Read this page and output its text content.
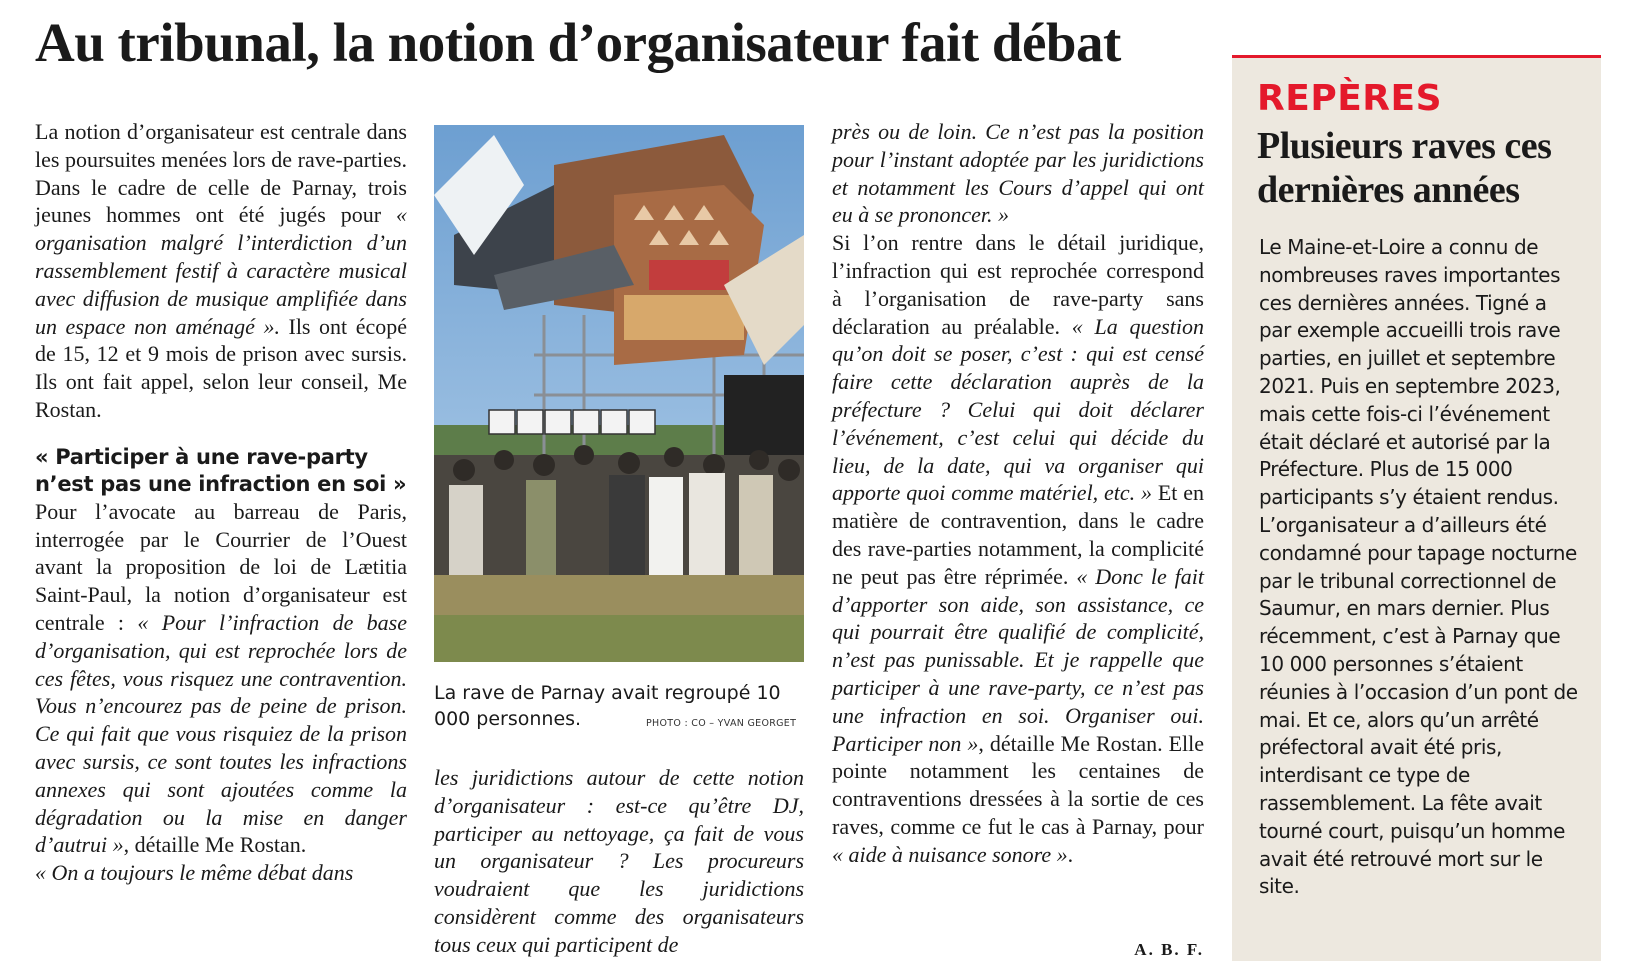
Au tribunal, la notion d’organisateur fait débat

La notion d’organisateur est centrale dans les poursuites menées lors de rave-parties. Dans le cadre de celle de Parnay, trois jeunes hommes ont été jugés pour « organisation malgré l’interdiction d’un rassemblement festif à caractère musical avec diffusion de musique amplifiée dans un espace non aménagé ». Ils ont écopé de 15, 12 et 9 mois de prison avec sursis. Ils ont fait appel, selon leur conseil, Me Rostan.

« Participer à une rave-party n’est pas une infraction en soi »

Pour l’avocate au barreau de Paris, interrogée par le Courrier de l’Ouest avant la proposition de loi de Lætitia Saint-Paul, la notion d’organisateur est centrale : « Pour l’infraction de base d’organisation, qui est reprochée lors de ces fêtes, vous risquez une contravention. Vous n’encourez pas de peine de prison. Ce qui fait que vous risquiez de la prison avec sursis, ce sont toutes les infractions annexes qui sont ajoutées comme la dégradation ou la mise en danger d’autrui », détaille Me Rostan.

« On a toujours le même débat dans

La rave de Parnay avait regroupé 10 000 personnes.	PHOTO : CO – YVAN GEORGET

les juridictions autour de cette notion d’organisateur : est-ce qu’être DJ, participer au nettoyage, ça fait de vous un organisateur ? Les procureurs voudraient que les juridictions considèrent comme des organisateurs tous ceux qui participent de

près ou de loin. Ce n’est pas la position pour l’instant adoptée par les juridictions et notamment les Cours d’appel qui ont eu à se prononcer. »

Si l’on rentre dans le détail juridique, l’infraction qui est reprochée correspond à l’organisation de rave-party sans déclaration au préalable. « La question qu’on doit se poser, c’est : qui est censé faire cette déclaration auprès de la préfecture ? Celui qui doit déclarer l’événement, c’est celui qui décide du lieu, de la date, qui va organiser qui apporte quoi comme matériel, etc. » Et en matière de contravention, dans le cadre des rave-parties notamment, la complicité ne peut pas être réprimée. « Donc le fait d’apporter son aide, son assistance, ce qui pourrait être qualifié de complicité, n’est pas punissable. Et je rappelle que participer à une rave-party, ce n’est pas une infraction en soi. Organiser oui. Participer non », détaille Me Rostan. Elle pointe notamment les centaines de contraventions dressées à la sortie de ces raves, comme ce fut le cas à Parnay, pour « aide à nuisance sonore ».

A. B. F.
REPÈRES
Plusieurs raves ces dernières années

Le Maine-et-Loire a connu de nombreuses raves importantes ces dernières années. Tigné a par exemple accueilli trois rave parties, en juillet et septembre 2021. Puis en septembre 2023, mais cette fois-ci l’événement était déclaré et autorisé par la Préfecture. Plus de 15 000 participants s’y étaient rendus. L’organisateur a d’ailleurs été condamné pour tapage nocturne par le tribunal correctionnel de Saumur, en mars dernier. Plus récemment, c’est à Parnay que 10 000 personnes s’étaient réunies à l’occasion d’un pont de mai. Et ce, alors qu’un arrêté préfectoral avait été pris, interdisant ce type de rassemblement. La fête avait tourné court, puisqu’un homme avait été retrouvé mort sur le site.
